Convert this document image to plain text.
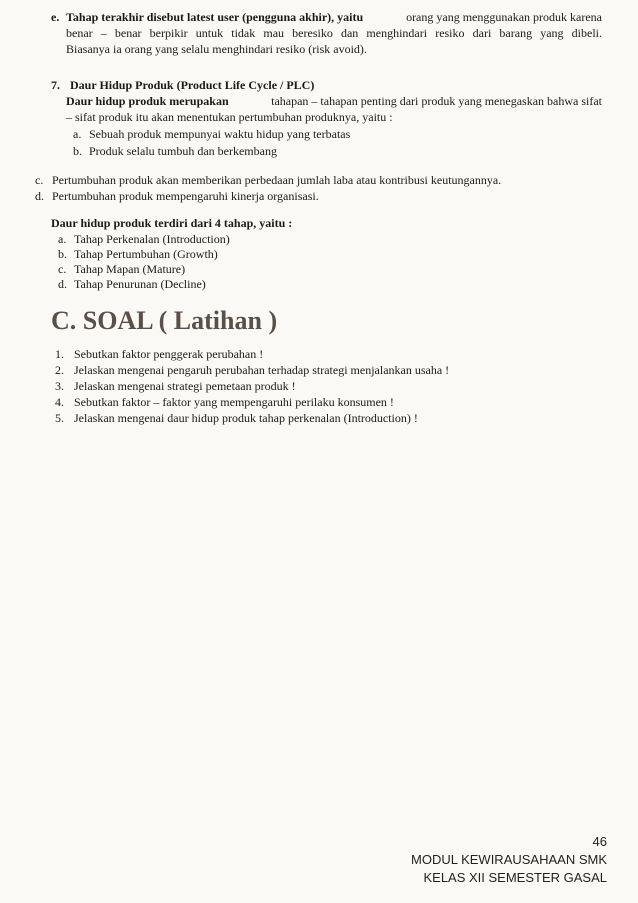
e. Tahap terakhir disebut latest user (pengguna akhir), yaitu	orang yang menggunakan produk karena
benar – benar berpikir untuk tidak mau beresiko dan menghindari resiko dari barang yang dibeli.
Biasanya ia orang yang selalu menghindari resiko (risk avoid).
7. Daur Hidup Produk (Product Life Cycle / PLC)
Daur hidup produk merupakan	tahapan – tahapan penting dari produk yang menegaskan bahwa sifat
– sifat produk itu akan menentukan pertumbuhan produknya, yaitu :
a. Sebuah produk mempunyai waktu hidup yang terbatas
b. Produk selalu tumbuh dan berkembang
c. Pertumbuhan produk akan memberikan perbedaan jumlah laba atau kontribusi keutungannya.
d. Pertumbuhan produk mempengaruhi kinerja organisasi.
Daur hidup produk terdiri dari 4 tahap, yaitu :
a. Tahap Perkenalan (Introduction)
b. Tahap Pertumbuhan (Growth)
c. Tahap Mapan (Mature)
d. Tahap Penurunan (Decline)
C. SOAL ( Latihan )
1. Sebutkan faktor penggerak perubahan !
2. Jelaskan mengenai pengaruh perubahan terhadap strategi menjalankan usaha !
3. Jelaskan mengenai strategi pemetaan produk !
4. Sebutkan faktor – faktor yang mempengaruhi perilaku konsumen !
5. Jelaskan mengenai daur hidup produk tahap perkenalan (Introduction) !
46
MODUL KEWIRAUSAHAAN SMK
KELAS XII SEMESTER GASAL
